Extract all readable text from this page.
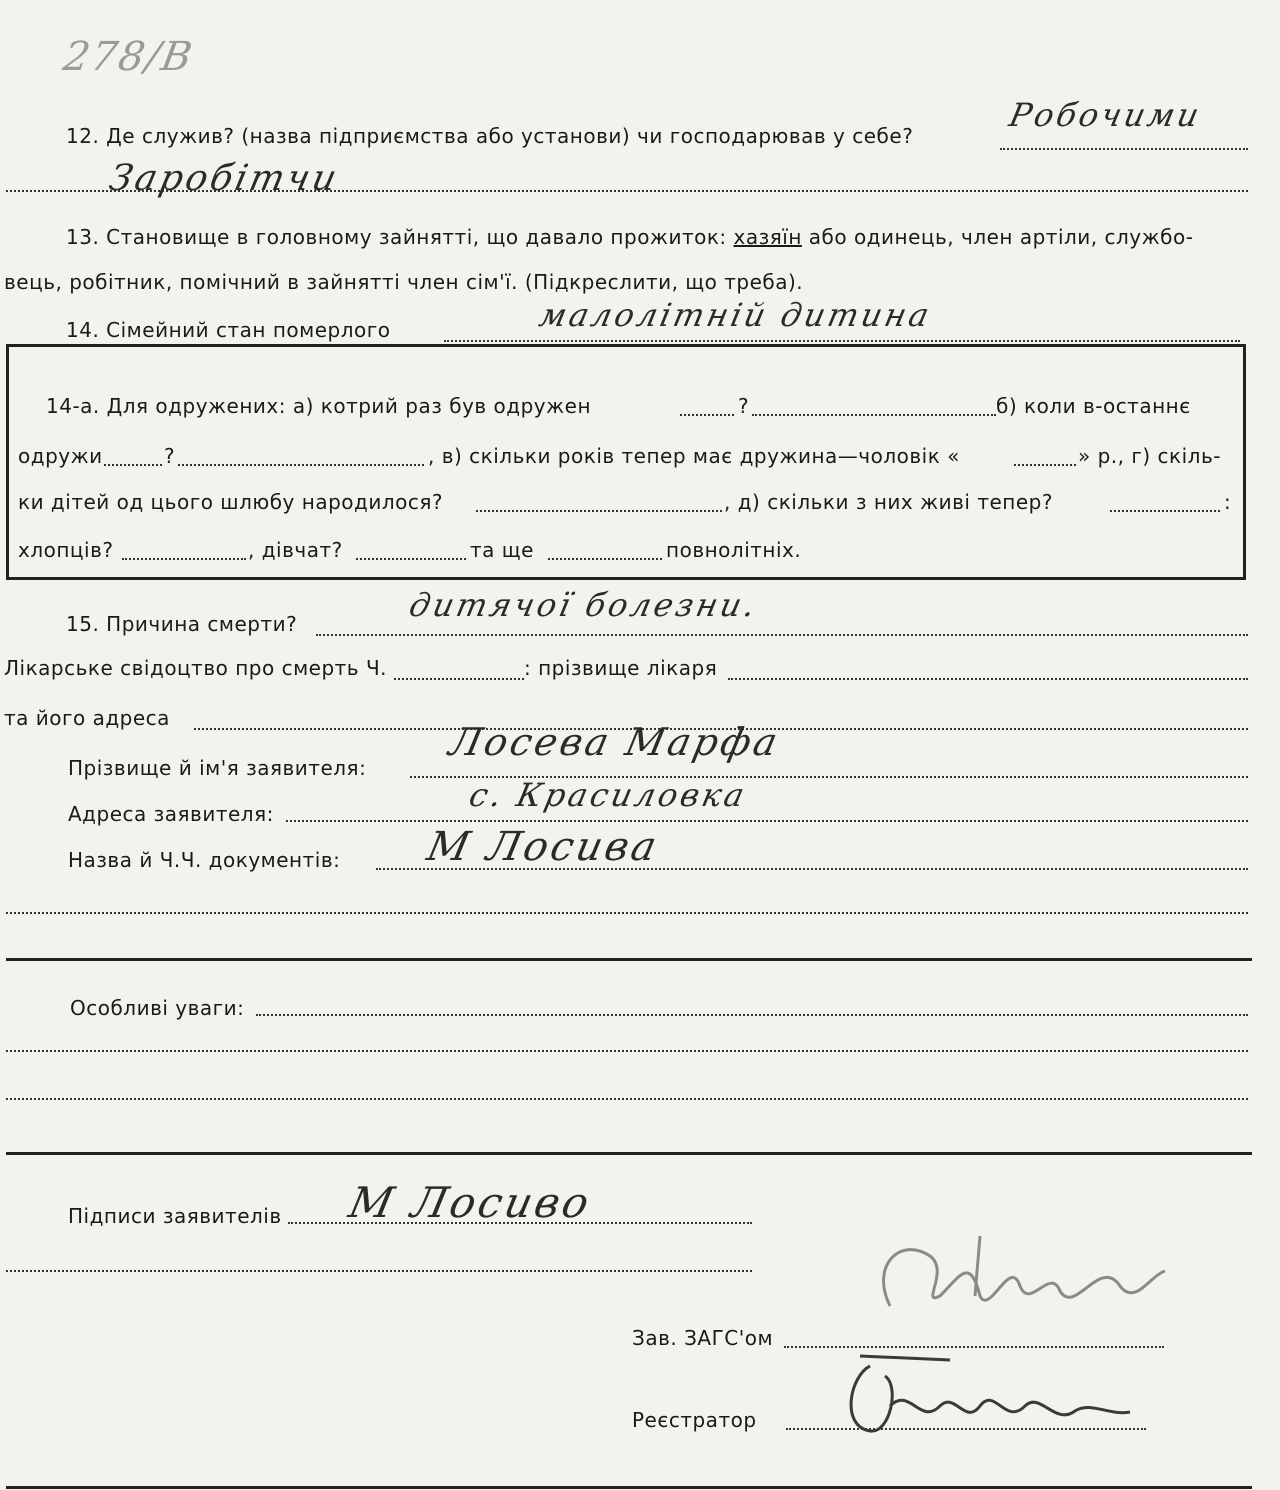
278/B
12. Де служив? (назва підприємства або установи) чи господарював у себе?
Робочими
Заробітчи
13. Становище в головному зайнятті, що давало прожиток: хазяїн або одинець, член артіли, службо-
вець, робітник, помічний в зайнятті член сім'ї. (Підкреслити, що треба).
14. Сімейний стан померлого	малолітній дитина
14-а. Для одружених: а) котрий раз був одружен	?	б) коли в-останнє
одружи	?	, в) скільки років тепер має дружина—чоловік «	» р., г) скіль-
ки дітей од цього шлюбу народилося?	, д) скільки з них живі тепер?	:
хлопців?	, дівчат?	та ще	повнолітніх.
15. Причина смерти?	дитячої болезни.
Лікарське свідоцтво про смерть Ч.	: прізвище лікаря
та його адреса
Прізвище й ім'я заявителя:
Лосева Марфа
Адреса заявителя:	с. Красиловка
Назва й Ч.Ч. документів: М Лосива
Особливі уваги:
Підписи заявителів М Лосиво
Зав. ЗАГС'ом
Реєстратор
